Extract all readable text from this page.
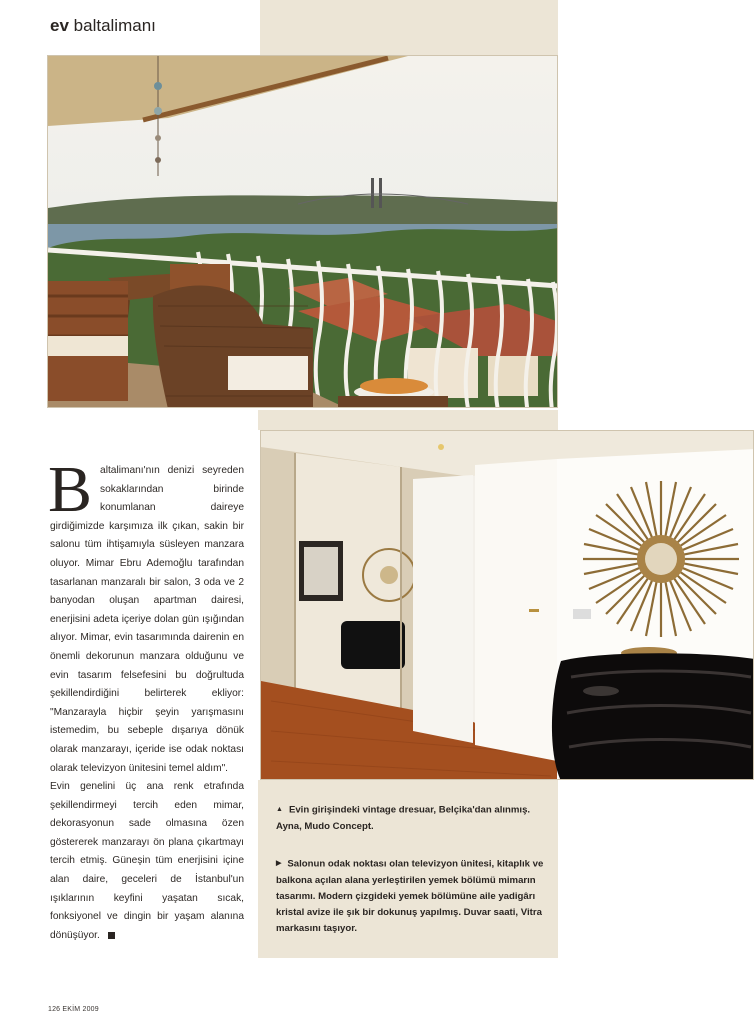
ev baltalimanı

Baltalimanı'nın denizi seyreden sokaklarından birinde konumlanan daireye girdiğimizde karşımıza ilk çıkan, sakin bir salonu tüm ihtişamıyla süsleyen manzara oluyor. Mimar Ebru Ademoğlu tarafından tasarlanan manzaralı bir salon, 3 oda ve 2 banyodan oluşan apartman dairesi, enerjisini adeta içeriye dolan gün ışığından alıyor. Mimar, evin tasarımında dairenin en önemli dekorunun manzara olduğunu ve evin tasarım felsefesini bu doğrultuda şekillendirdiğini belirterek ekliyor: "Manzarayla hiçbir şeyin yarışmasını istemedim, bu sebeple dışarıya dönük olarak manzarayı, içeride ise odak noktası olarak televizyon ünitesini temel aldım".

Evin genelini üç ana renk etrafında şekillendirmeyi tercih eden mimar, dekorasyonun sade olmasına özen göstererek manzarayı ön plana çıkartmayı tercih etmiş. Güneşin tüm enerjisini içine alan daire, geceleri de İstanbul'un ışıklarının keyfini yaşatan sıcak, fonksiyonel ve dingin bir yaşam alanına dönüşüyor.

▲ Evin girişindeki vintage dresuar, Belçika'dan alınmış. Ayna, Mudo Concept.
▶ Salonun odak noktası olan televizyon ünitesi, kitaplık ve balkona açılan alana yerleştirilen yemek bölümü mimarın tasarımı. Modern çizgideki yemek bölümüne aile yadigârı kristal avize ile şık bir dokunuş yapılmış. Duvar saati, Vitra markasını taşıyor.
126 EKİM 2009
